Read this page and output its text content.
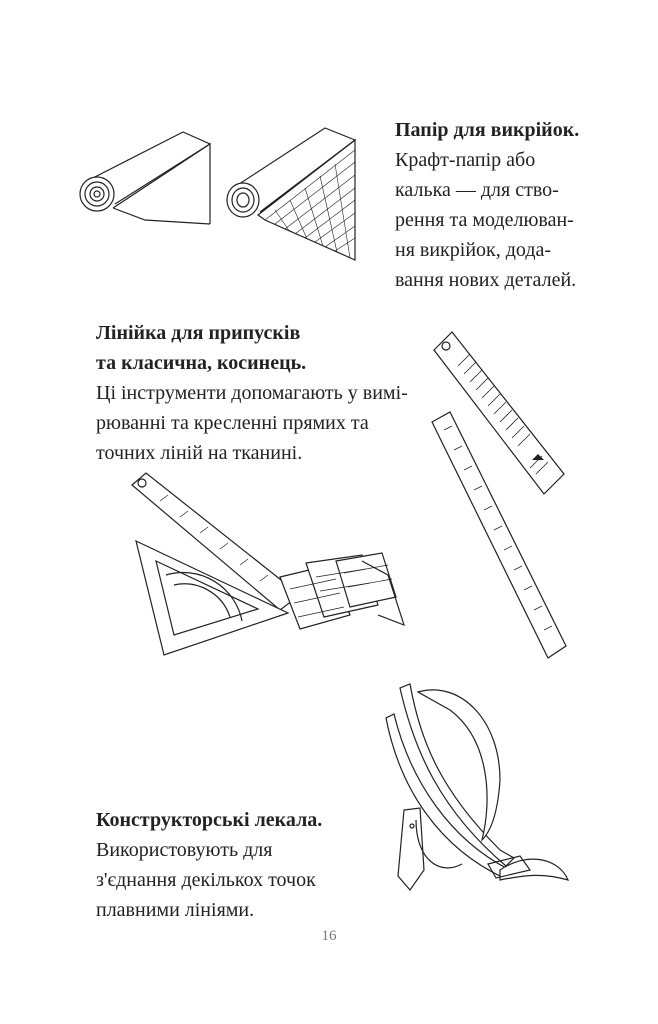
Папір для викрійок.
Крафт-папір або
калька — для ство-
рення та моделюван-
ня викрійок, дода-
вання нових деталей.
Лінійка для припусків
та класична, косинець.
Ці інструменти допомагають у вимі-
рюванні та кресленні прямих та
точних ліній на тканині.
Конструкторські лекала.
Використовують для
з'єднання декількох точок
плавними лініями.
16
